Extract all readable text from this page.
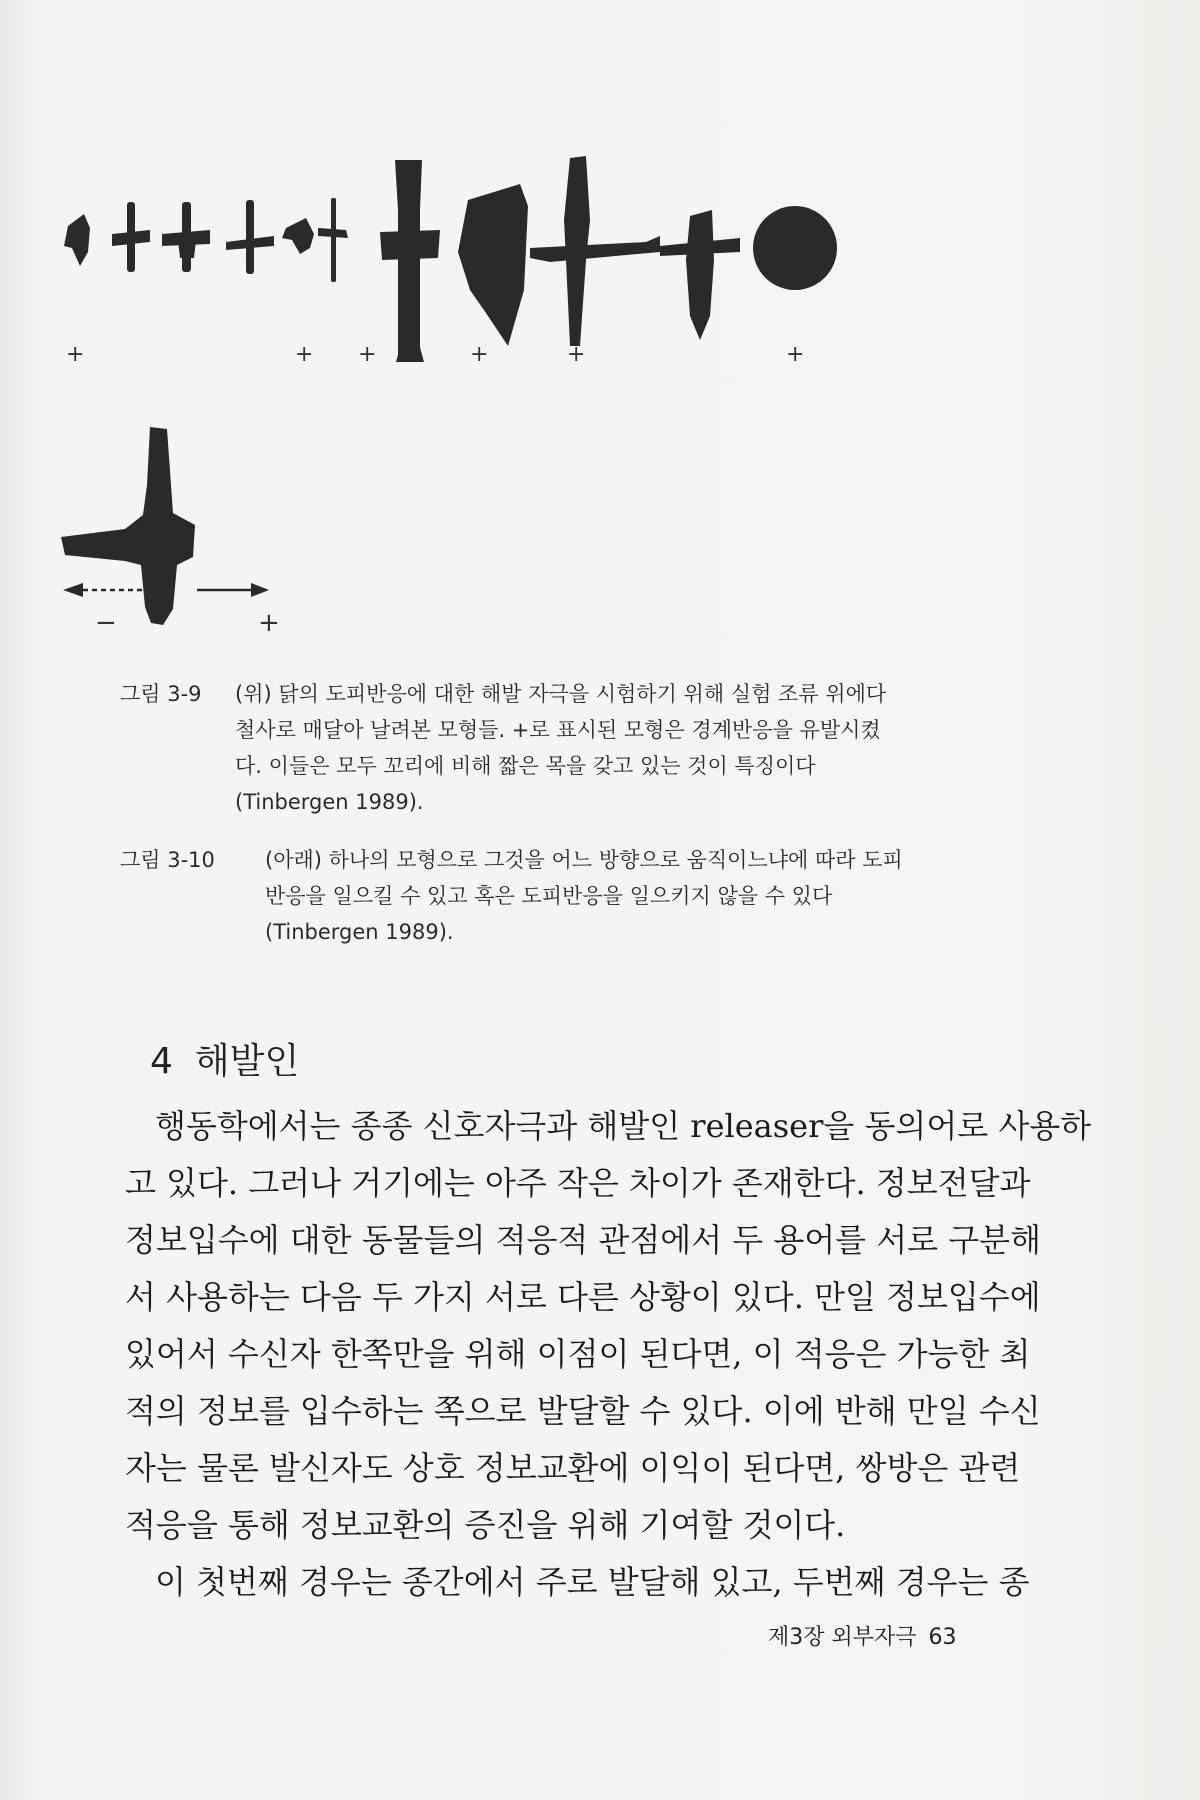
+	+ +	+	+	+
−	+
그림 3-9 (위) 닭의 도피반응에 대한 해발 자극을 시험하기 위해 실험 조류 위에다

철사로 매달아 날려본 모형들. +로 표시된 모형은 경계반응을 유발시켰

다. 이들은 모두 꼬리에 비해 짧은 목을 갖고 있는 것이 특징이다

(Tinbergen 1989).

그림 3-10 (아래) 하나의 모형으로 그것을 어느 방향으로 움직이느냐에 따라 도피

반응을 일으킬 수 있고 혹은 도피반응을 일으키지 않을 수 있다

(Tinbergen 1989).

4 해발인

행동학에서는 종종 신호자극과 해발인 releaser을 동의어로 사용하

고 있다. 그러나 거기에는 아주 작은 차이가 존재한다. 정보전달과

정보입수에 대한 동물들의 적응적 관점에서 두 용어를 서로 구분해

서 사용하는 다음 두 가지 서로 다른 상황이 있다. 만일 정보입수에

있어서 수신자 한쪽만을 위해 이점이 된다면, 이 적응은 가능한 최

적의 정보를 입수하는 쪽으로 발달할 수 있다. 이에 반해 만일 수신

자는 물론 발신자도 상호 정보교환에 이익이 된다면, 쌍방은 관련

적응을 통해 정보교환의 증진을 위해 기여할 것이다.

이 첫번째 경우는 종간에서 주로 발달해 있고, 두번째 경우는 종

제3장 외부자극 63
